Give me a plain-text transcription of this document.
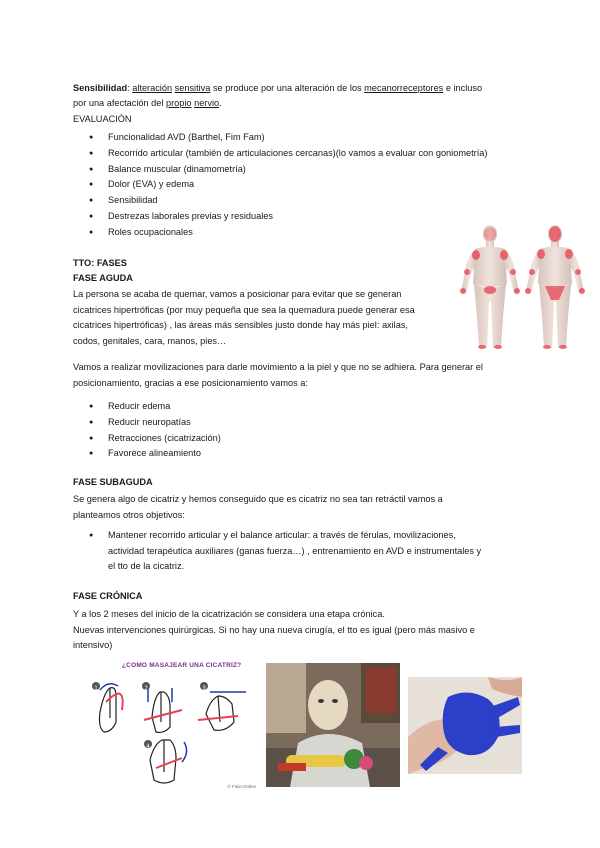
Sensibilidad: alteración sensitiva se produce por una alteración de los mecanorreceptores e incluso

por una afectación del propio nervio.

EVALUACIÓN
● Funcionalidad AVD (Barthel, Fim Fam)
● Recorrido articular (también de articulaciones cercanas)(lo vamos a evaluar con goniometría)
● Balance muscular (dinamometría)
● Dolor (EVA) y edema
● Sensibilidad
● Destrezas laborales previas y residuales
● Roles ocupacionales
TTO: FASES
FASE AGUDA

La persona se acaba de quemar, vamos a posicionar para evitar que se generan

cicatrices hipertróficas (por muy pequeña que sea la quemadura puede generar esa

cicatrices hipertróficas) , las áreas más sensibles justo donde hay más piel: axilas,

codos, genitales, cara, manos, pies…

Vamos a realizar movilizaciones para darle movimiento a la piel y que no se adhiera. Para generar el

posicionamiento, gracias a ese posicionamiento vamos a:

● Reducir edema
● Reducir neuropatías
● Retracciones (cicatrización)
● Favorece alineamiento
FASE SUBAGUDA

Se genera algo de cicatriz y hemos conseguido que es cicatriz no sea tan retráctil vamos a

planteamos otros objetivos:

● Mantener recorrido articular y el balance articular: a través de férulas, movilizaciones,
actividad terapéutica auxiliares (ganas fuerza…) , entrenamiento en AVD e instrumentales y
el tto de la cicatriz.
FASE CRÓNICA

Y a los 2 meses del inicio de la cicatrización se considera una etapa crónica.

Nuevas intervenciones quirúrgicas. Si no hay una nueva cirugía, el tto es igual (pero más masivo e

intensivo)

¿CÓMO MASAJEAR UNA CICATRIZ?
1	2	3
4
© Fisio-Online
